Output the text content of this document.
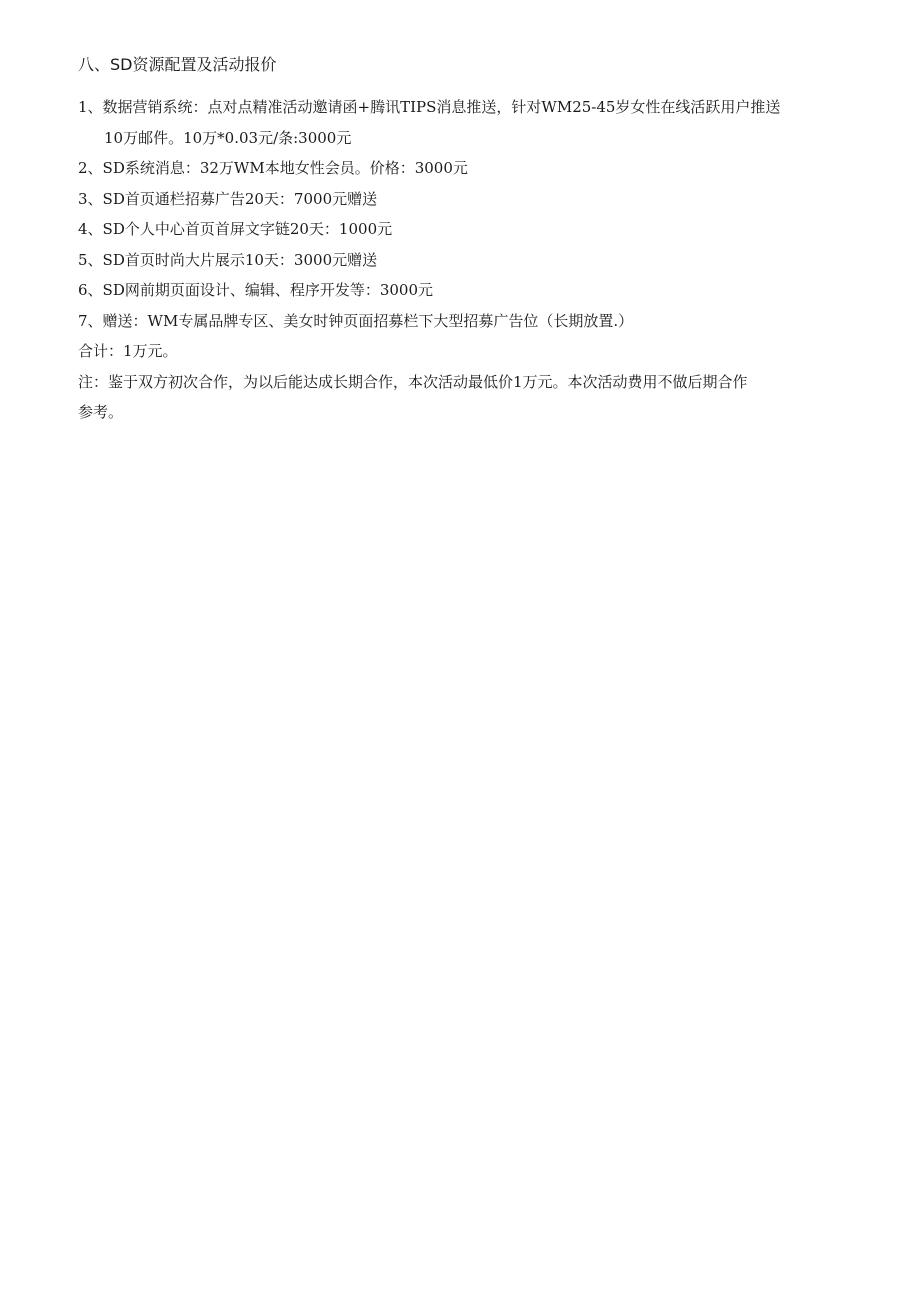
八、SD资源配置及活动报价
1、数据营销系统：点对点精准活动邀请函+腾讯TIPS消息推送，针对WM25-45岁女性在线活跃用户推送
10万邮件。10万*0.03元/条:3000元
2、SD系统消息：32万WM本地女性会员。价格：3000元
3、SD首页通栏招募广告20天：7000元赠送
4、SD个人中心首页首屏文字链20天：1000元
5、SD首页时尚大片展示10天：3000元赠送
6、SD网前期页面设计、编辑、程序开发等：3000元
7、赠送：WM专属品牌专区、美女时钟页面招募栏下大型招募广告位（长期放置.）
合计：1万元。
注：鉴于双方初次合作，为以后能达成长期合作，本次活动最低价1万元。本次活动费用不做后期合作
参考。
